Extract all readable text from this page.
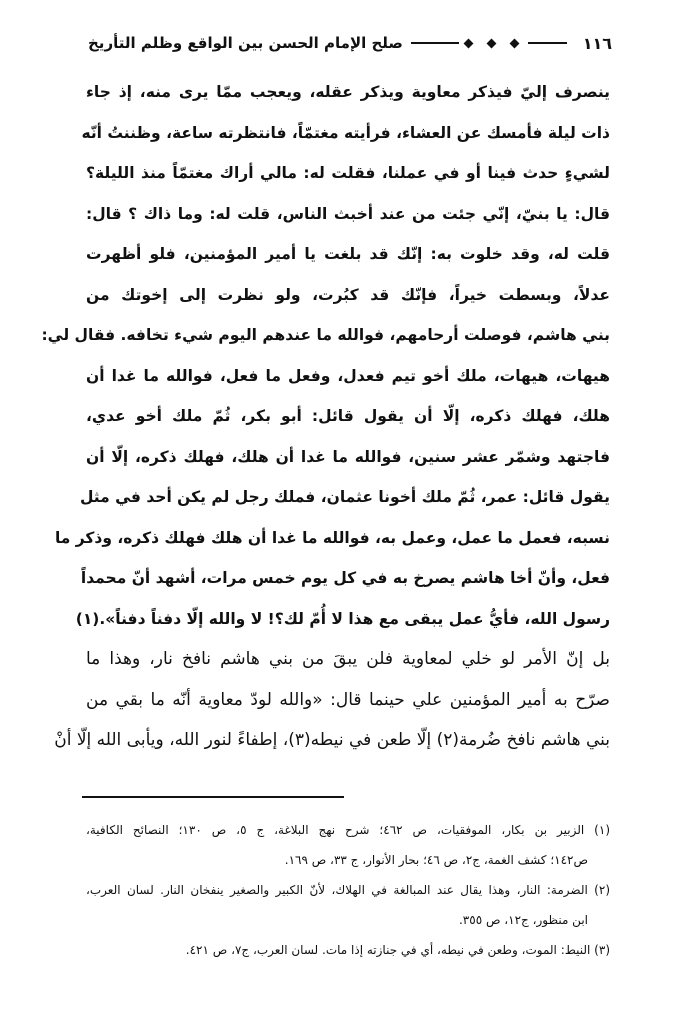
١١٦
صلح الإمام الحسن بين الواقع وظلم التأريخ
ينصرف إليّ فيذكر معاوية ويذكر عقله، ويعجب ممّا يرى منه، إذ جاء
ذات ليلة فأمسك عن العشاء، فرأيته مغتمّاً، فانتظرته ساعة، وظننتُ أنّه
لشيءٍ حدث فينا أو في عملنا، فقلت له: مالي أراك مغتمّاً منذ الليلة؟
قال: يا بنيّ، إنّي جئت من عند أخبث الناس، قلت له: وما ذاك ؟ قال:
قلت له، وقد خلوت به: إنّك قد بلغت يا أمير المؤمنين، فلو أظهرت
عدلاً، وبسطت خيراً، فإنّك قد كبُرت، ولو نظرت إلى إخوتك من
بني هاشم، فوصلت أرحامهم، فوالله ما عندهم اليوم شيء تخافه. فقال لي:
هيهات، هيهات، ملك أخو تيم فعدل، وفعل ما فعل، فوالله ما غدا أن
هلك، فهلك ذكره، إلّا أن يقول قائل: أبو بكر، ثُمّ ملك أخو عدي،
فاجتهد وشمّر عشر سنين، فوالله ما غدا أن هلك، فهلك ذكره، إلّا أن
يقول قائل: عمر، ثُمّ ملك أخونا عثمان، فملك رجل لم يكن أحد في مثل
نسبه، فعمل ما عمل، وعمل به، فوالله ما غدا أن هلك فهلك ذكره، وذكر ما
فعل، وأنّ أخا هاشم يصرخ به في كل يوم خمس مرات، أشهد أنّ محمداً
رسول الله، فأيُّ عمل يبقى مع هذا لا أُمّ لك؟! لا والله إلّا دفناً دفناً».(١)
بل إنّ الأمر لو خلي لمعاوية فلن يبقَ من بني هاشم نافخ نار، وهذا ما
صرّح به أمير المؤمنين علي حينما قال: «والله لودّ معاوية أنّه ما بقي من
بني هاشم نافخ ضُرمة(٢) إلّا طعن في نيطه(٣)، إطفاءً لنور الله، ويأبى الله إلّا أنْ
(١) الزبير بن بكار، الموفقيات، ص ٤٦٢؛ شرح نهج البلاغة، ج ٥، ص ١٣٠؛ النصائح الكافية،
ص١٤٢؛ كشف الغمة، ج٢، ص ٤٦؛ بحار الأنوار، ج ٣٣، ص ١٦٩.
(٢) الضرمة: النار، وهذا يقال عند المبالغة في الهلاك، لأنّ الكبير والصغير ينفخان النار. لسان العرب،
ابن منظور، ج١٢، ص ٣٥٥.
(٣) النيط: الموت، وطعن في نيطه، أي في جنازته إذا مات. لسان العرب، ج٧، ص ٤٢١.
